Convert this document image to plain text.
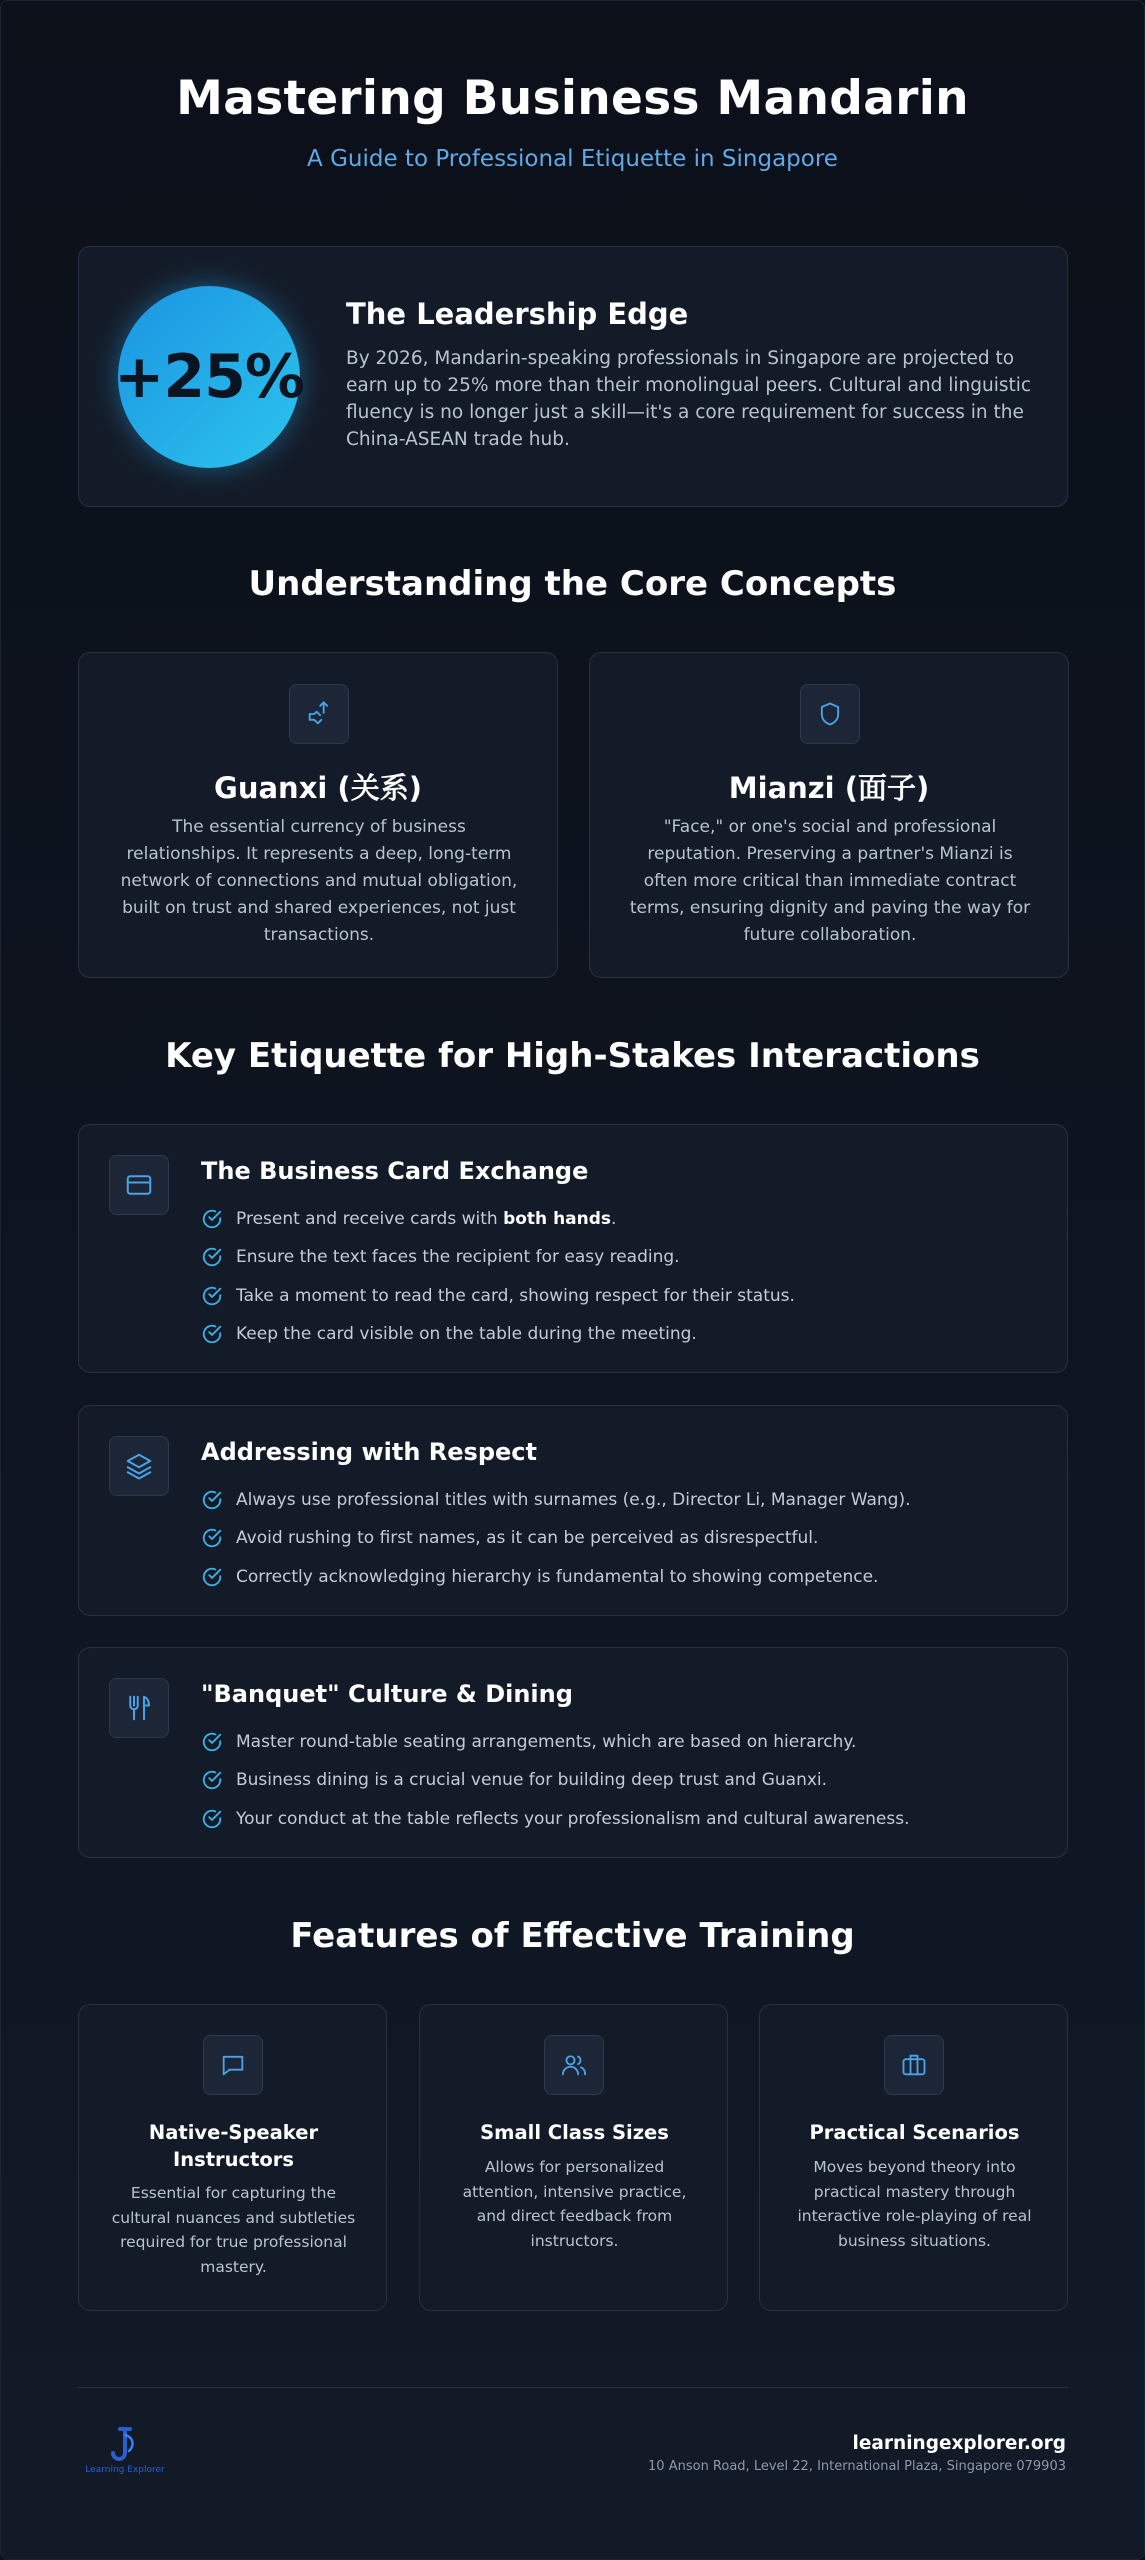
Mastering Business Mandarin
A Guide to Professional Etiquette in Singapore
+25%
The Leadership Edge
By 2026, Mandarin-speaking professionals in Singapore are projected to earn up to 25% more than their monolingual peers. Cultural and linguistic fluency is no longer just a skill—it's a core requirement for success in the China-ASEAN trade hub.
Understanding the Core Concepts
Guanxi (关系)
The essential currency of business relationships. It represents a deep, long-term network of connections and mutual obligation, built on trust and shared experiences, not just transactions.
Mianzi (面子)
"Face," or one's social and professional reputation. Preserving a partner's Mianzi is often more critical than immediate contract terms, ensuring dignity and paving the way for future collaboration.
Key Etiquette for High-Stakes Interactions
The Business Card Exchange
Present and receive cards with both hands.
Ensure the text faces the recipient for easy reading.
Take a moment to read the card, showing respect for their status.
Keep the card visible on the table during the meeting.
Addressing with Respect
Always use professional titles with surnames (e.g., Director Li, Manager Wang).
Avoid rushing to first names, as it can be perceived as disrespectful.
Correctly acknowledging hierarchy is fundamental to showing competence.
"Banquet" Culture & Dining
Master round-table seating arrangements, which are based on hierarchy.
Business dining is a crucial venue for building deep trust and Guanxi.
Your conduct at the table reflects your professionalism and cultural awareness.
Features of Effective Training
Native-Speaker Instructors
Essential for capturing the cultural nuances and subtleties required for true professional mastery.
Small Class Sizes
Allows for personalized attention, intensive practice, and direct feedback from instructors.
Practical Scenarios
Moves beyond theory into practical mastery through interactive role-playing of real business situations.
Learning Explorer
learningexplorer.org
10 Anson Road, Level 22, International Plaza, Singapore 079903
